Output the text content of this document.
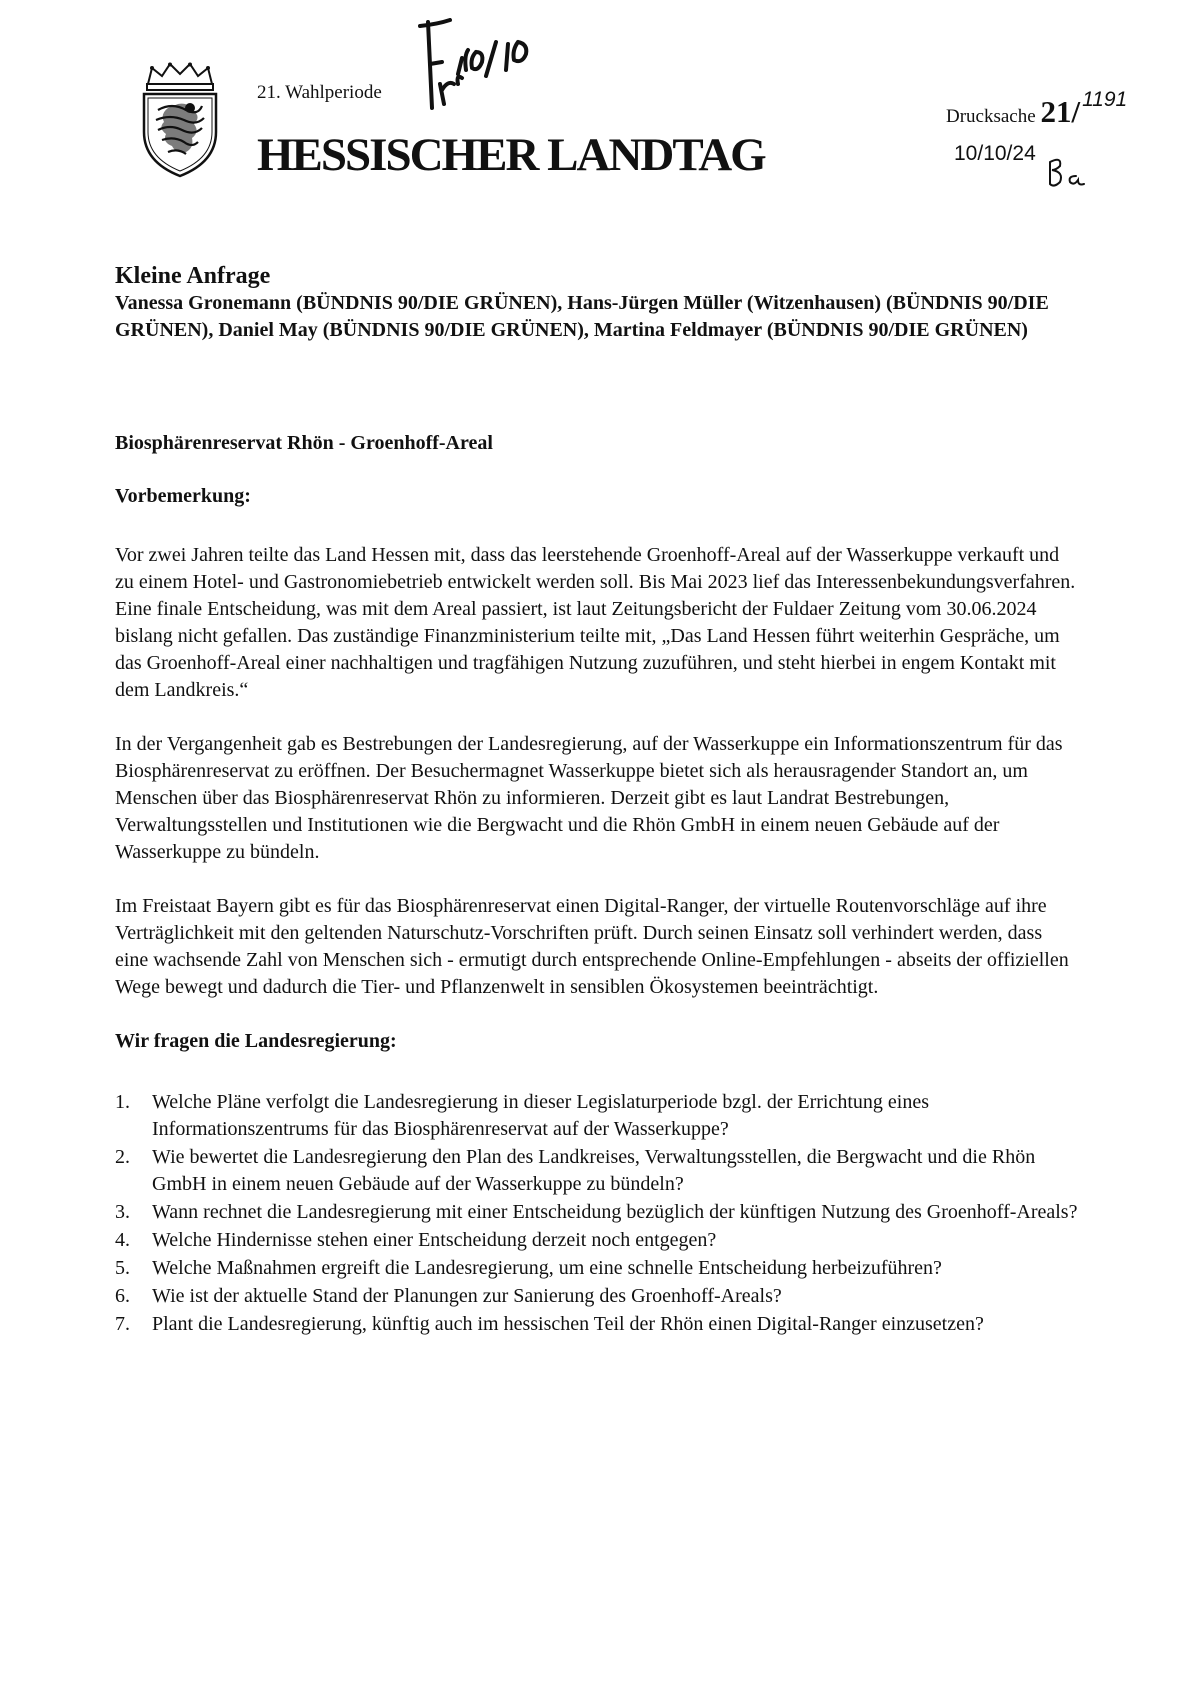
21. Wahlperiode
HESSISCHER LANDTAG
Drucksache 21/1191
10/10/24
Kleine Anfrage

Vanessa Gronemann (BÜNDNIS 90/DIE GRÜNEN), Hans-Jürgen Müller (Witzenhausen) (BÜNDNIS 90/DIE GRÜNEN), Daniel May (BÜNDNIS 90/DIE GRÜNEN), Martina Feldmayer (BÜNDNIS 90/DIE GRÜNEN)

Biosphärenreservat Rhön - Groenhoff-Areal

Vorbemerkung:

Vor zwei Jahren teilte das Land Hessen mit, dass das leerstehende Groenhoff-Areal auf der Wasserkuppe verkauft und zu einem Hotel- und Gastronomiebetrieb entwickelt werden soll. Bis Mai 2023 lief das Interessenbekundungsverfahren. Eine finale Entscheidung, was mit dem Areal passiert, ist laut Zeitungsbericht der Fuldaer Zeitung vom 30.06.2024 bislang nicht gefallen. Das zuständige Finanzministerium teilte mit, „Das Land Hessen führt weiterhin Gespräche, um das Groenhoff-Areal einer nachhaltigen und tragfähigen Nutzung zuzuführen, und steht hierbei in engem Kontakt mit dem Landkreis.“

In der Vergangenheit gab es Bestrebungen der Landesregierung, auf der Wasserkuppe ein Informationszentrum für das Biosphärenreservat zu eröffnen. Der Besuchermagnet Wasserkuppe bietet sich als herausragender Standort an, um Menschen über das Biosphärenreservat Rhön zu informieren. Derzeit gibt es laut Landrat Bestrebungen, Verwaltungsstellen und Institutionen wie die Bergwacht und die Rhön GmbH in einem neuen Gebäude auf der Wasserkuppe zu bündeln.

Im Freistaat Bayern gibt es für das Biosphärenreservat einen Digital-Ranger, der virtuelle Routenvorschläge auf ihre Verträglichkeit mit den geltenden Naturschutz-Vorschriften prüft. Durch seinen Einsatz soll verhindert werden, dass eine wachsende Zahl von Menschen sich - ermutigt durch entsprechende Online-Empfehlungen - abseits der offiziellen Wege bewegt und dadurch die Tier- und Pflanzenwelt in sensiblen Ökosystemen beeinträchtigt.

Wir fragen die Landesregierung:

1. Welche Pläne verfolgt die Landesregierung in dieser Legislaturperiode bzgl. der Errichtung eines Informationszentrums für das Biosphärenreservat auf der Wasserkuppe?
2. Wie bewertet die Landesregierung den Plan des Landkreises, Verwaltungsstellen, die Bergwacht und die Rhön GmbH in einem neuen Gebäude auf der Wasserkuppe zu bündeln?
3. Wann rechnet die Landesregierung mit einer Entscheidung bezüglich der künftigen Nutzung des Groenhoff-Areals?
4. Welche Hindernisse stehen einer Entscheidung derzeit noch entgegen?
5. Welche Maßnahmen ergreift die Landesregierung, um eine schnelle Entscheidung herbeizuführen?
6. Wie ist der aktuelle Stand der Planungen zur Sanierung des Groenhoff-Areals?
7. Plant die Landesregierung, künftig auch im hessischen Teil der Rhön einen Digital-Ranger einzusetzen?
